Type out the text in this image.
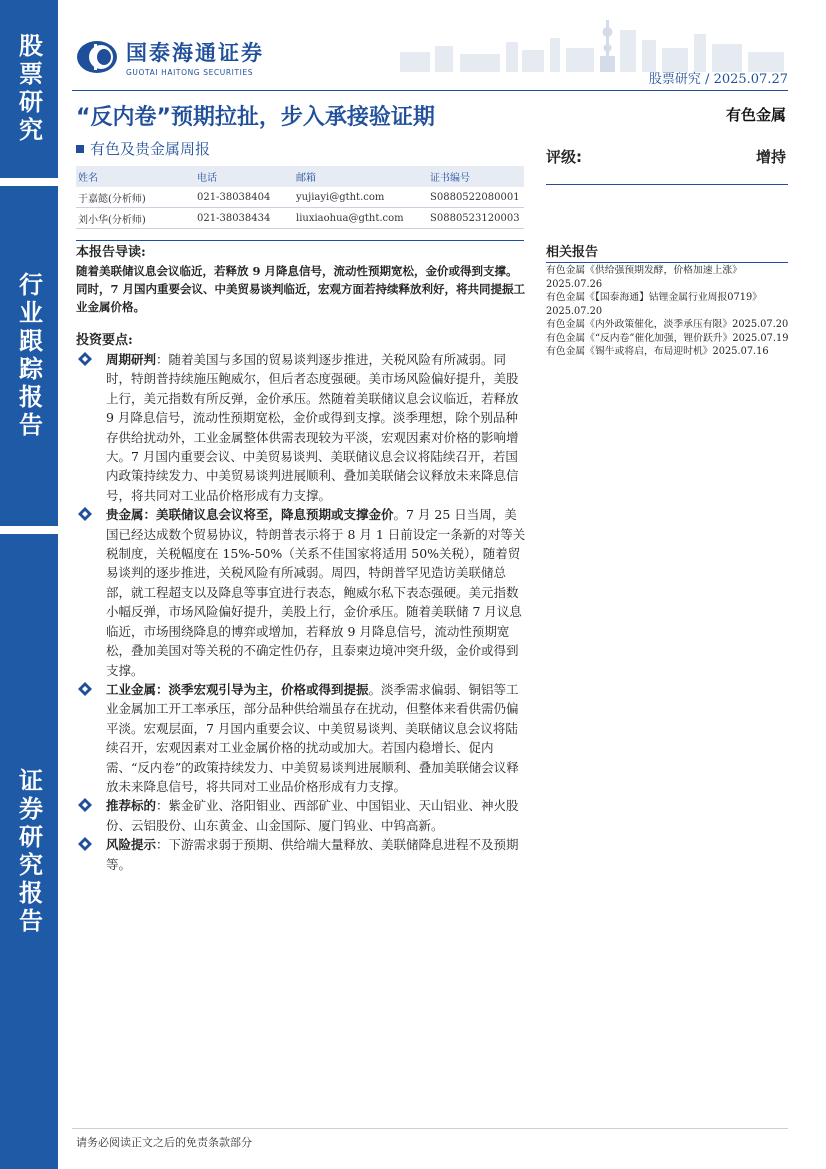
股票研究
行业跟踪报告
证券研究报告
国泰海通证券
GUOTAI HAITONG SECURITIES	股票研究 / 2025.07.27
“反内卷”预期拉扯，步入承接验证期	有色金属
有色及贵金属周报	评级:	增持
姓名	电话	邮箱	证书编号
于嘉懿(分析师)	021-38038404	yujiayi@gtht.com	S0880522080001
刘小华(分析师)	021-38038434	liuxiaohua@gtht.com	S0880523120003
本报告导读:
随着美联储议息会议临近，若释放 9 月降息信号，流动性预期宽松，金价或得到支撑。同时，7 月国内重要会议、中美贸易谈判临近，宏观方面若持续释放利好，将共同提振工业金属价格。
投资要点:
周期研判：随着美国与多国的贸易谈判逐步推进，关税风险有所减弱。同时，特朗普持续施压鲍威尔，但后者态度强硬。美市场风险偏好提升，美股上行，美元指数有所反弹，金价承压。然随着美联储议息会议临近，若释放 9 月降息信号，流动性预期宽松，金价或得到支撑。淡季理想，除个别品种存供给扰动外，工业金属整体供需表现较为平淡，宏观因素对价格的影响增大。7 月国内重要会议、中美贸易谈判、美联储议息会议将陆续召开，若国内政策持续发力、中美贸易谈判进展顺利、叠加美联储会议释放未来降息信号，将共同对工业品价格形成有力支撑。
贵金属：美联储议息会议将至，降息预期或支撑金价。7 月 25 日当周，美国已经达成数个贸易协议，特朗普表示将于 8 月 1 日前设定一条新的对等关税制度，关税幅度在 15%-50%（关系不佳国家将适用 50%关税），随着贸易谈判的逐步推进，关税风险有所减弱。周四，特朗普罕见造访美联储总部，就工程超支以及降息等事宜进行表态，鲍威尔私下表态强硬。美元指数小幅反弹，市场风险偏好提升，美股上行，金价承压。随着美联储 7 月议息临近，市场围绕降息的博弈或增加，若释放 9 月降息信号，流动性预期宽松，叠加美国对等关税的不确定性仍存，且泰柬边境冲突升级，金价或得到支撑。
工业金属：淡季宏观引导为主，价格或得到提振。淡季需求偏弱、铜铝等工业金属加工开工率承压，部分品种供给端虽存在扰动，但整体来看供需仍偏平淡。宏观层面，7 月国内重要会议、中美贸易谈判、美联储议息会议将陆续召开，宏观因素对工业金属价格的扰动或加大。若国内稳增长、促内需、“反内卷”的政策持续发力、中美贸易谈判进展顺利、叠加美联储会议释放未来降息信号，将共同对工业品价格形成有力支撑。
推荐标的：紫金矿业、洛阳钼业、西部矿业、中国铝业、天山铝业、神火股份、云铝股份、山东黄金、山金国际、厦门钨业、中钨高新。
风险提示：下游需求弱于预期、供给端大量释放、美联储降息进程不及预期等。
相关报告
有色金属《供给强预期发酵，价格加速上涨》2025.07.26
有色金属《【国泰海通】钴锂金属行业周报0719》2025.07.20
有色金属《内外政策催化，淡季承压有限》2025.07.20
有色金属《“反内卷”催化加强，锂价跃升》2025.07.19
有色金属《锡牛或将启，布局迎时机》2025.07.16
请务必阅读正文之后的免责条款部分
